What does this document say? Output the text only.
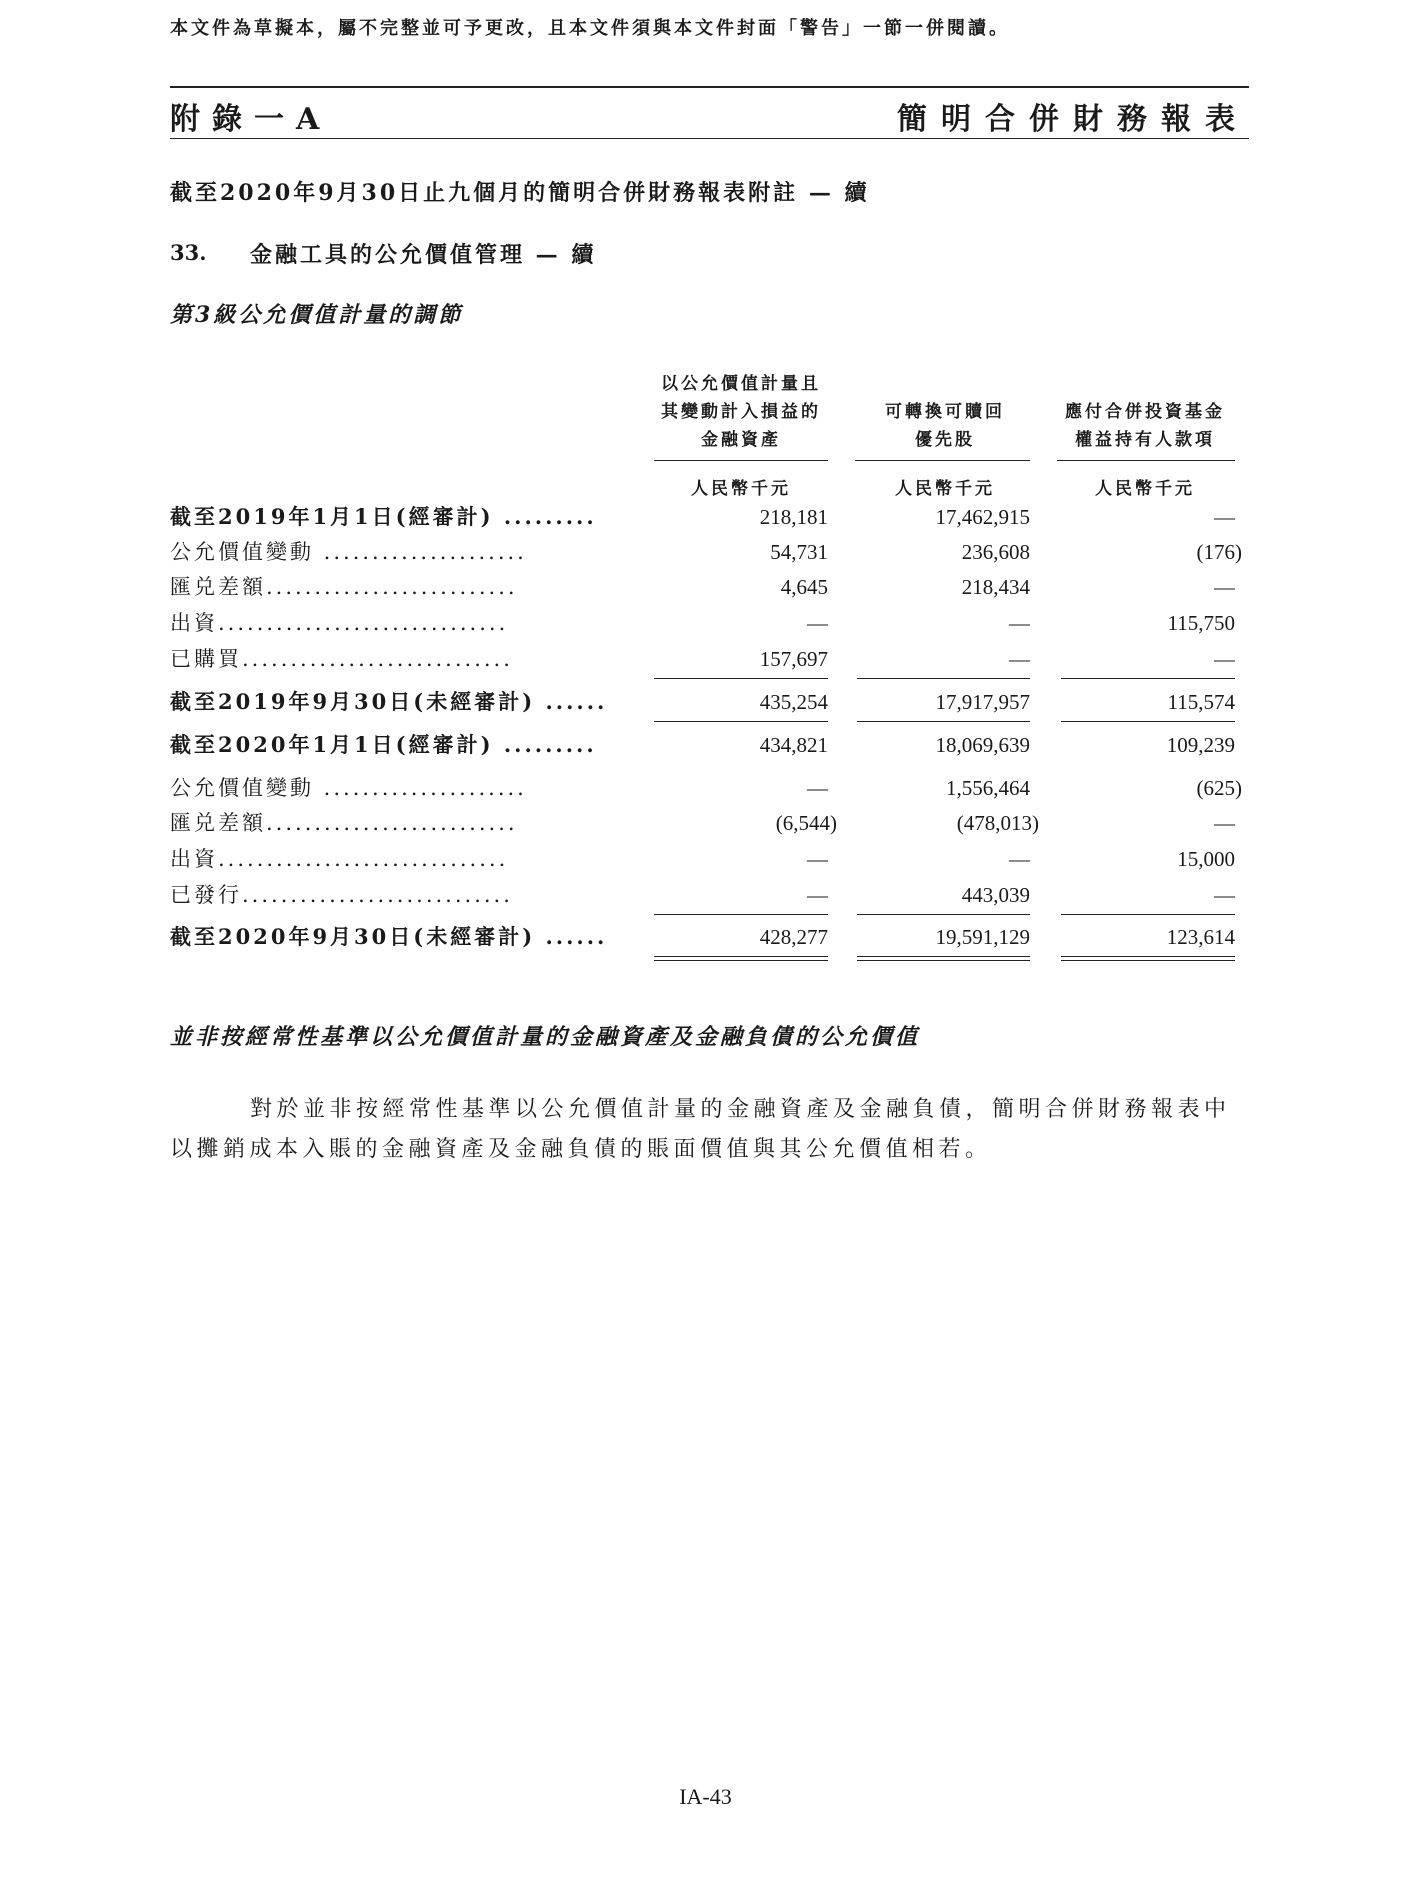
本文件為草擬本，屬不完整並可予更改，且本文件須與本文件封面「警告」一節一併閱讀。
附錄一A	簡明合併財務報表
截至2020年9月30日止九個月的簡明合併財務報表附註 — 續
33. 金融工具的公允價值管理 — 續
第3級公允價值計量的調節
以公允價值計量且
其變動計入損益的
金融資產
可轉換可贖回
優先股
應付合併投資基金
權益持有人款項
人民幣千元	人民幣千元	人民幣千元
截至2019年1月1日(經審計) .........	218,181	17,462,915	—
公允價值變動 .....................	54,731	236,608	(176)
匯兑差額..........................	4,645	218,434	—
出資..............................	—	—	115,750
已購買............................	157,697	—	—
截至2019年9月30日(未經審計) ......	435,254	17,917,957	115,574
截至2020年1月1日(經審計) .........	434,821	18,069,639	109,239
公允價值變動 .....................	—	1,556,464	(625)
匯兑差額..........................	(6,544)	(478,013)	—
出資..............................	—	—	15,000
已發行............................	—	443,039	—
截至2020年9月30日(未經審計) ......	428,277	19,591,129	123,614
並非按經常性基準以公允價值計量的金融資產及金融負債的公允價值
對於並非按經常性基準以公允價值計量的金融資產及金融負債，簡明合併財務報表中以攤銷成本入賬的金融資產及金融負債的賬面價值與其公允價值相若。
IA-43
